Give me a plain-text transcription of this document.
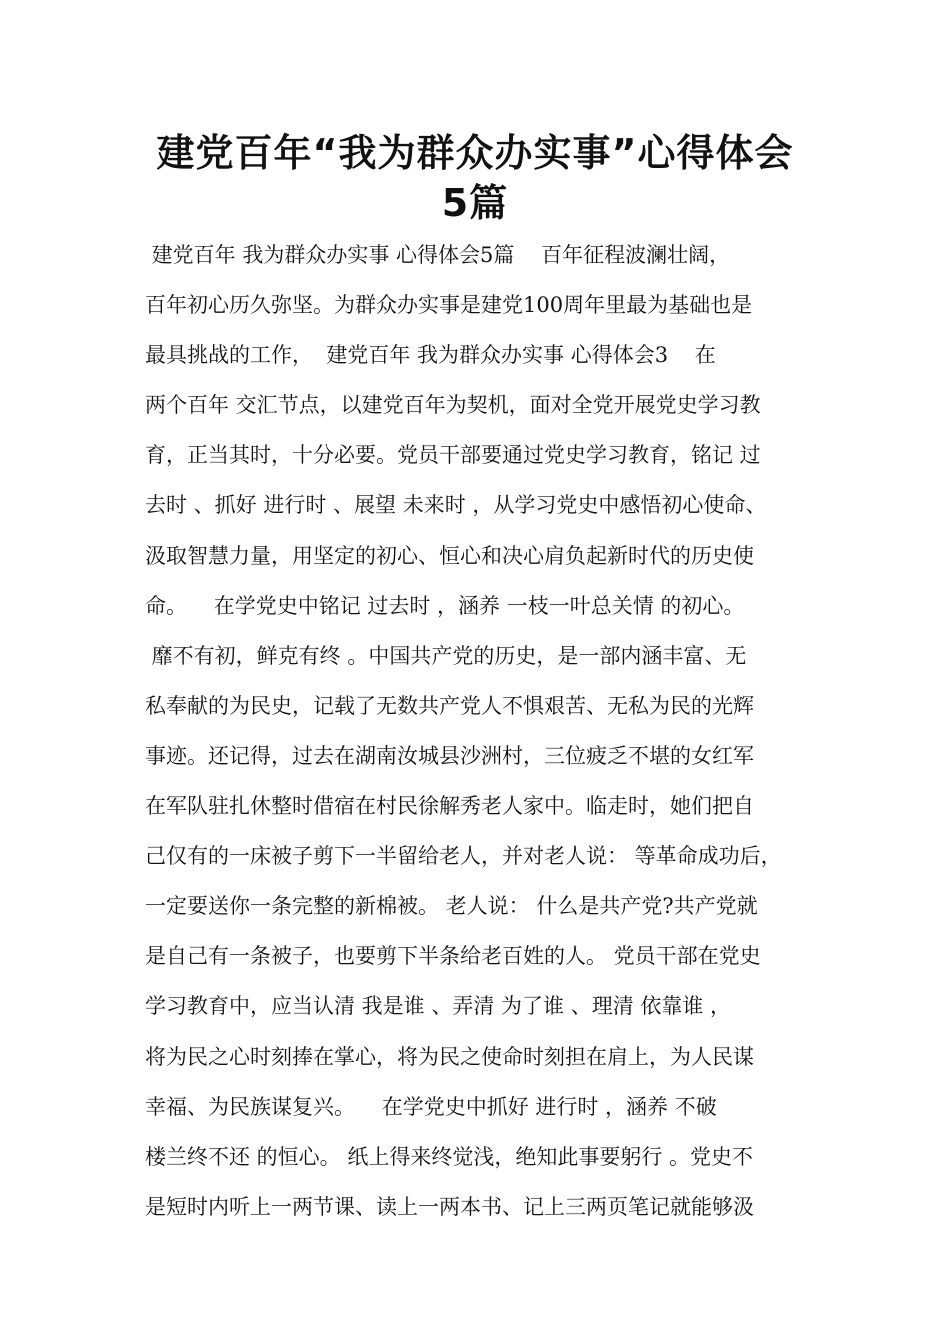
建党百年“我为群众办实事”心得体会
5篇
建党百年 我为群众办实事 心得体会5篇    百年征程波澜壮阔，
百年初心历久弥坚。为群众办实事是建党100周年里最为基础也是
最具挑战的工作，  建党百年 我为群众办实事 心得体会3    在
两个百年 交汇节点，以建党百年为契机，面对全党开展党史学习教
育，正当其时，十分必要。党员干部要通过党史学习教育，铭记 过
去时 、抓好 进行时 、展望 未来时 ，从学习党史中感悟初心使命、
汲取智慧力量，用坚定的初心、恒心和决心肩负起新时代的历史使
命。    在学党史中铭记 过去时 ，涵养 一枝一叶总关情 的初心。
靡不有初，鲜克有终 。中国共产党的历史，是一部内涵丰富、无
私奉献的为民史，记载了无数共产党人不惧艰苦、无私为民的光辉
事迹。还记得，过去在湖南汝城县沙洲村，三位疲乏不堪的女红军
在军队驻扎休整时借宿在村民徐解秀老人家中。临走时，她们把自
己仅有的一床被子剪下一半留给老人，并对老人说： 等革命成功后，
一定要送你一条完整的新棉被。 老人说： 什么是共产党?共产党就
是自己有一条被子，也要剪下半条给老百姓的人。 党员干部在党史
学习教育中，应当认清 我是谁 、弄清 为了谁 、理清 依靠谁 ，
将为民之心时刻捧在掌心，将为民之使命时刻担在肩上，为人民谋
幸福、为民族谋复兴。    在学党史中抓好 进行时 ，涵养 不破
楼兰终不还 的恒心。 纸上得来终觉浅，绝知此事要躬行 。党史不
是短时内听上一两节课、读上一两本书、记上三两页笔记就能够汲
